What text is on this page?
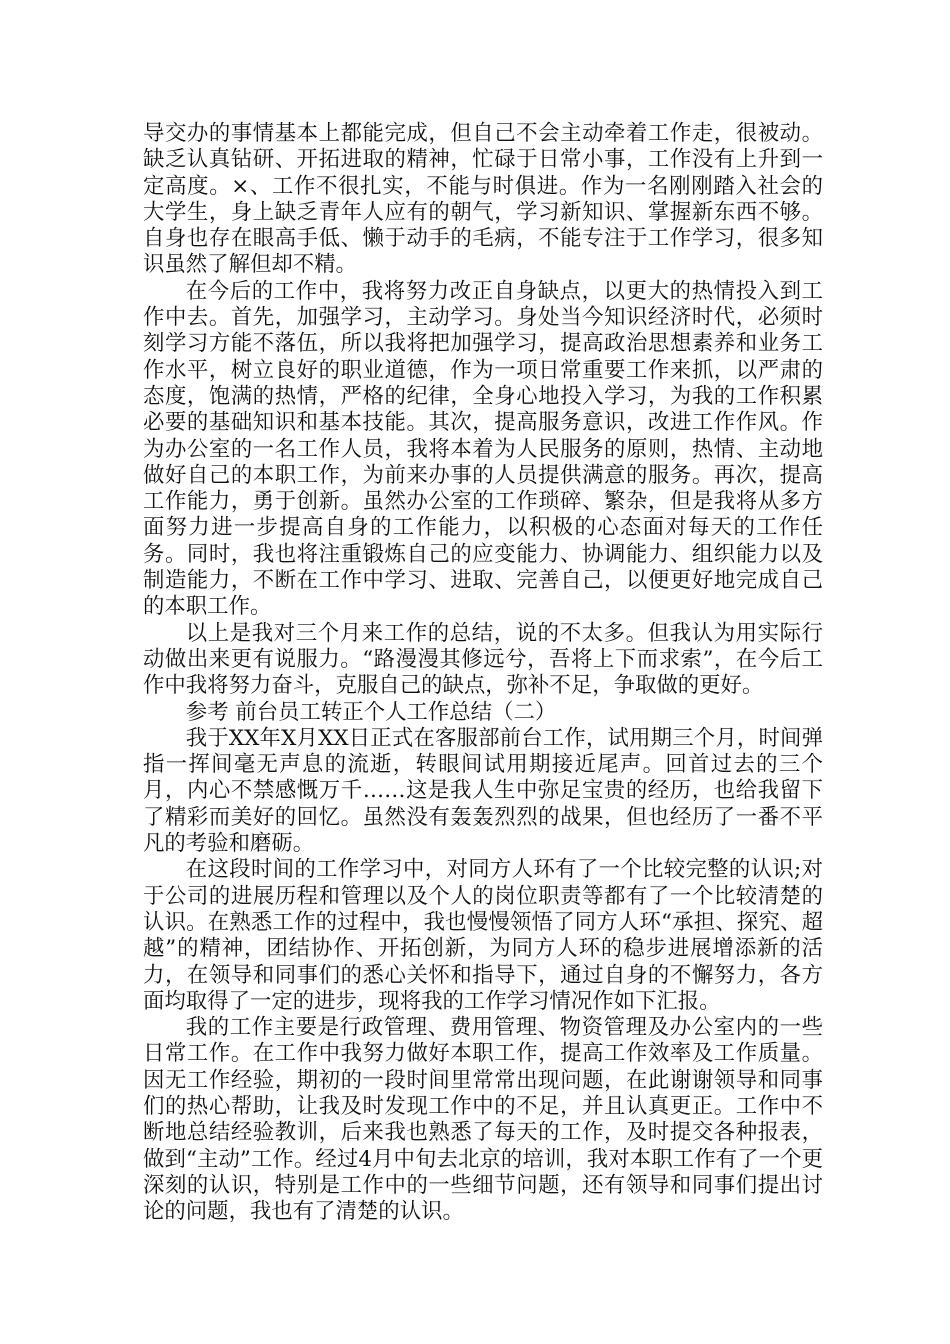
导交办的事情基本上都能完成，但自己不会主动牵着工作走，很被动。缺乏认真钻研、开拓进取的精神，忙碌于日常小事，工作没有上升到一定高度。×、工作不很扎实，不能与时俱进。作为一名刚刚踏入社会的大学生，身上缺乏青年人应有的朝气，学习新知识、掌握新东西不够。自身也存在眼高手低、懒于动手的毛病，不能专注于工作学习，很多知识虽然了解但却不精。

在今后的工作中，我将努力改正自身缺点，以更大的热情投入到工作中去。首先，加强学习，主动学习。身处当今知识经济时代，必须时刻学习方能不落伍，所以我将把加强学习，提高政治思想素养和业务工作水平，树立良好的职业道德，作为一项日常重要工作来抓，以严肃的态度，饱满的热情，严格的纪律，全身心地投入学习，为我的工作积累必要的基础知识和基本技能。其次，提高服务意识，改进工作作风。作为办公室的一名工作人员，我将本着为人民服务的原则，热情、主动地做好自己的本职工作，为前来办事的人员提供满意的服务。再次，提高工作能力，勇于创新。虽然办公室的工作琐碎、繁杂，但是我将从多方面努力进一步提高自身的工作能力，以积极的心态面对每天的工作任务。同时，我也将注重锻炼自己的应变能力、协调能力、组织能力以及制造能力，不断在工作中学习、进取、完善自己，以便更好地完成自己的本职工作。

以上是我对三个月来工作的总结，说的不太多。但我认为用实际行动做出来更有说服力。“路漫漫其修远兮，吾将上下而求索”，在今后工作中我将努力奋斗，克服自己的缺点，弥补不足，争取做的更好。

参考 前台员工转正个人工作总结（二）

我于XX年X月XX日正式在客服部前台工作，试用期三个月，时间弹指一挥间毫无声息的流逝，转眼间试用期接近尾声。回首过去的三个月，内心不禁感慨万千……这是我人生中弥足宝贵的经历，也给我留下了精彩而美好的回忆。虽然没有轰轰烈烈的战果，但也经历了一番不平凡的考验和磨砺。

在这段时间的工作学习中，对同方人环有了一个比较完整的认识;对于公司的进展历程和管理以及个人的岗位职责等都有了一个比较清楚的认识。在熟悉工作的过程中，我也慢慢领悟了同方人环“承担、探究、超越”的精神，团结协作、开拓创新，为同方人环的稳步进展增添新的活力，在领导和同事们的悉心关怀和指导下，通过自身的不懈努力，各方面均取得了一定的进步，现将我的工作学习情况作如下汇报。

我的工作主要是行政管理、费用管理、物资管理及办公室内的一些日常工作。在工作中我努力做好本职工作，提高工作效率及工作质量。因无工作经验，期初的一段时间里常常出现问题，在此谢谢领导和同事们的热心帮助，让我及时发现工作中的不足，并且认真更正。工作中不断地总结经验教训，后来我也熟悉了每天的工作，及时提交各种报表，做到“主动”工作。经过4月中旬去北京的培训，我对本职工作有了一个更深刻的认识，特别是工作中的一些细节问题，还有领导和同事们提出讨论的问题，我也有了清楚的认识。
